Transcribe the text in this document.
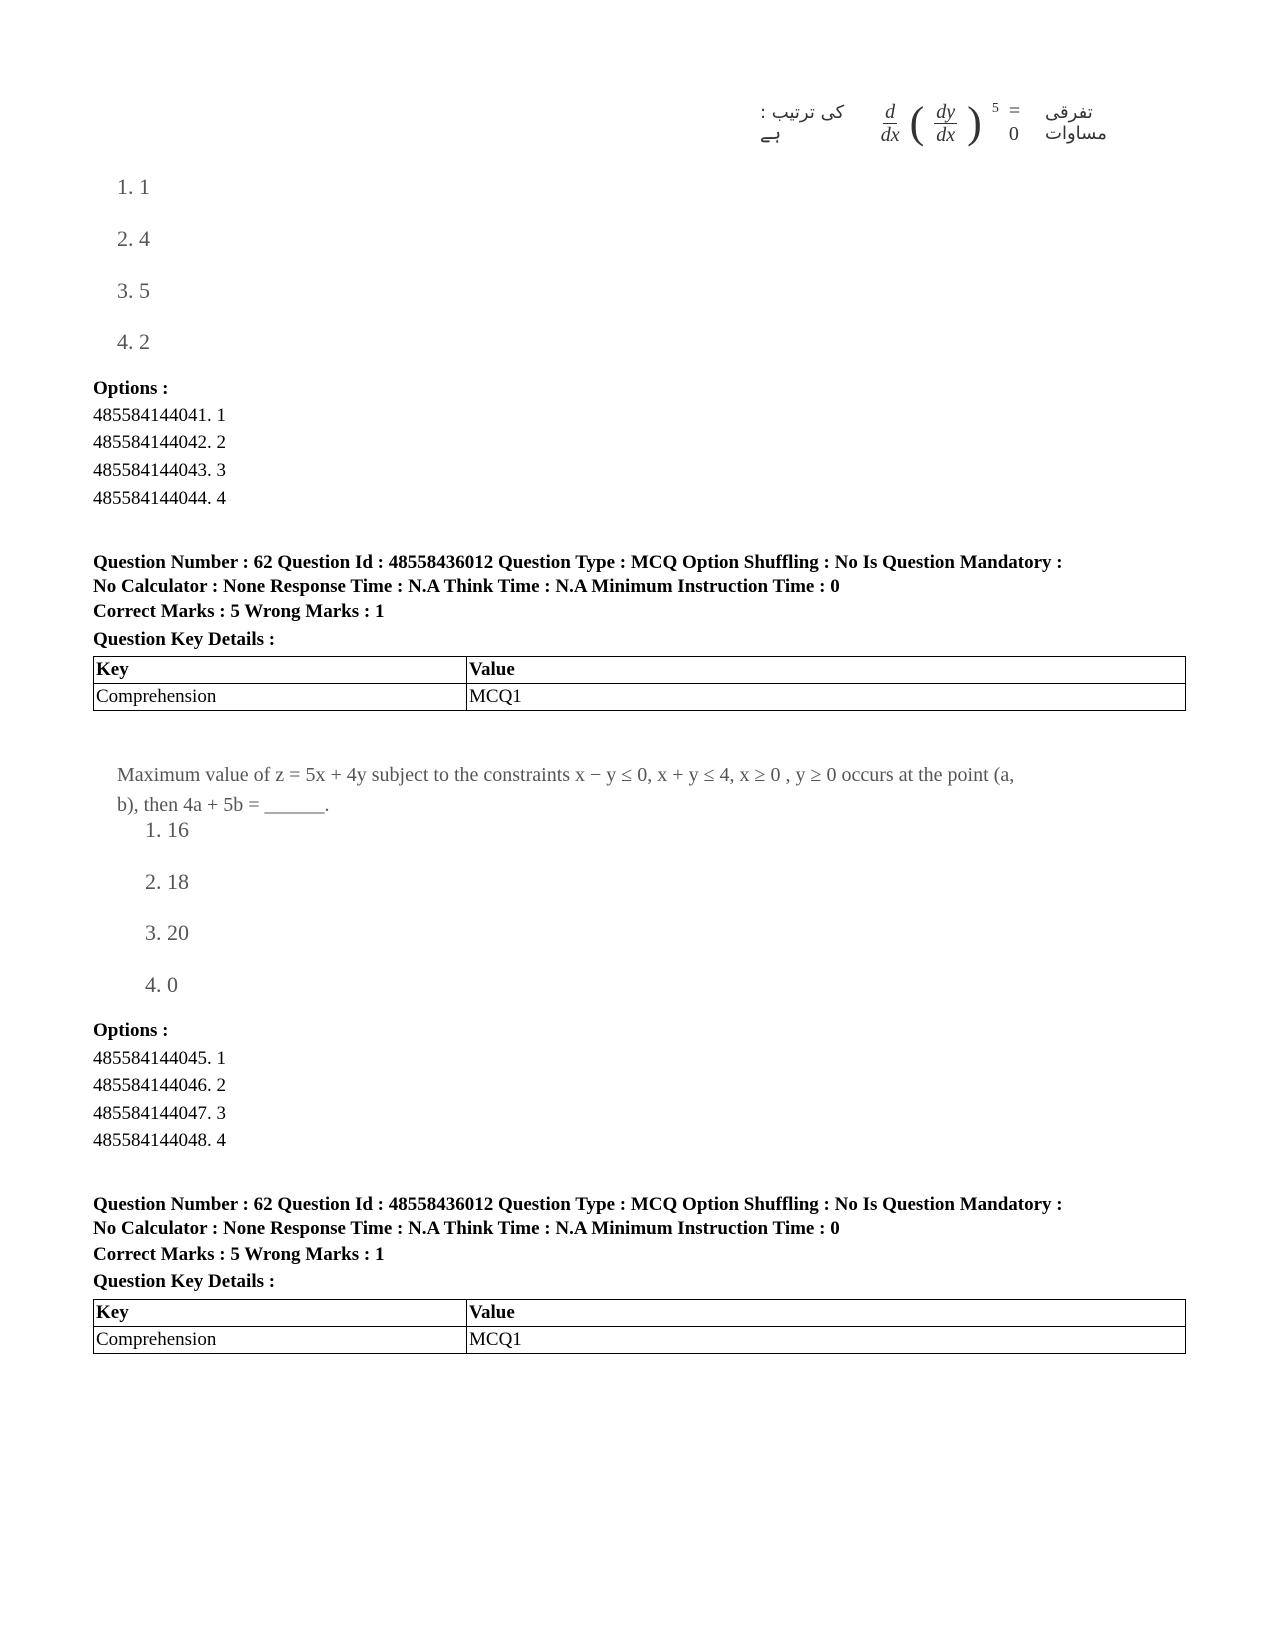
: کی ترتیب ہے	$\frac{d}{dx}$ ( $\frac{dy}{dx}$ ) 5 = 0
تفرقی مساوات
1. 1
2. 4
3. 5
4. 2
Options :
485584144041. 1
485584144042. 2
485584144043. 3
485584144044. 4
Question Number : 62 Question Id : 48558436012 Question Type : MCQ Option Shuffling : No Is Question Mandatory :
No Calculator : None Response Time : N.A Think Time : N.A Minimum Instruction Time : 0
Correct Marks : 5 Wrong Marks : 1
Question Key Details :
Key	Value
Comprehension	MCQ1
Maximum value of z = 5x + 4y subject to the constraints x − y ≤ 0, x + y ≤ 4, x ≥ 0 , y ≥ 0 occurs at the point (a,
b), then 4a + 5b = ______.
1. 16
2. 18
3. 20
4. 0
Options :
485584144045. 1
485584144046. 2
485584144047. 3
485584144048. 4
Question Number : 62 Question Id : 48558436012 Question Type : MCQ Option Shuffling : No Is Question Mandatory :
No Calculator : None Response Time : N.A Think Time : N.A Minimum Instruction Time : 0
Correct Marks : 5 Wrong Marks : 1
Question Key Details :
Key	Value
Comprehension	MCQ1
